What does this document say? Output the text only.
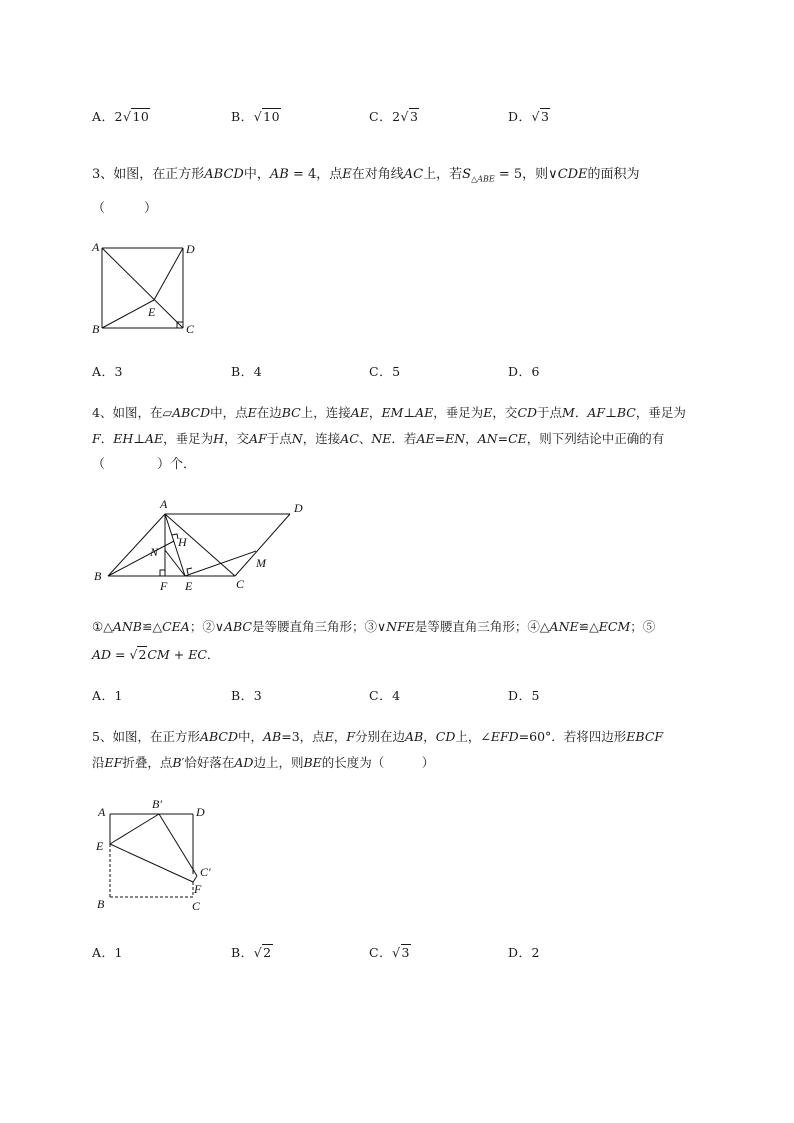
A．2√10	B．√10	C．2√3	D．√3
3、如图，在正方形ABCD中，AB = 4，点E在对角线AC上，若$S_{\triangle ABE} = 5$，则∨CDE的面积为
（　　　）
A	D
B	C
E
A．3	B．4	C．5	D．6
4、如图，在▱ABCD中，点E在边BC上，连接AE，EM⊥AE，垂足为E，交CD于点M．AF⊥BC，垂足为
F．EH⊥AE，垂足为H，交AF于点N，连接AC、NE．若AE=EN，AN=CE，则下列结论中正确的有
（　　　　）个．
A	D
B
C
F E
H
N
M
①△ANB≌△CEA；②∨ABC是等腰直角三角形；③∨NFE是等腰直角三角形；④△ANE≌△ECM；⑤
AD = √2CM + EC．
A．1	B．3	C．4	D．5
5、如图，在正方形ABCD中，AB=3，点E，F分别在边AB，CD上，∠EFD=60°．若将四边形EBCF
沿EF折叠，点B′恰好落在AD边上，则BE的长度为（　　　）
A
B′
D
E
C′
F
B	C
A．1	B．√2	C．√3	D．2
